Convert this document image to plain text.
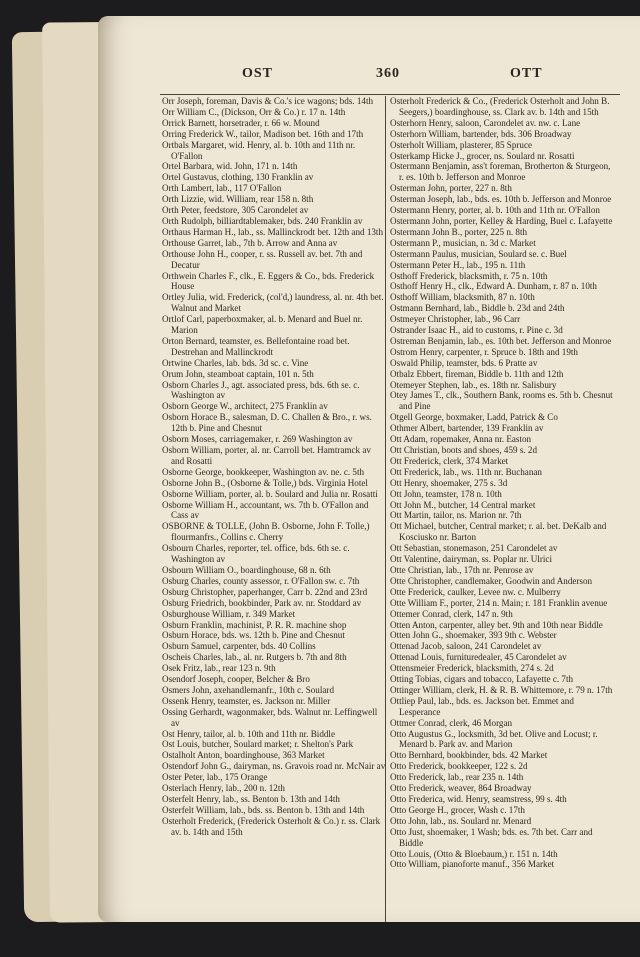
OST	360	OTT
Orr Joseph, foreman, Davis & Co.'s ice wagons; bds. 14th
Orr William C., (Dickson, Orr & Co.) r. 17 n. 14th
Orrick Barnett, horsetrader, r. 66 w. Mound
Orring Frederick W., tailor, Madison bet. 16th and 17th
Ortbals Margaret, wid. Henry, al. b. 10th and 11th nr. O'Fallon
Ortel Barbara, wid. John, 171 n. 14th
Ortel Gustavus, clothing, 130 Franklin av
Orth Lambert, lab., 117 O'Fallon
Orth Lizzie, wid. William, rear 158 n. 8th
Orth Peter, feedstore, 305 Carondelet av
Orth Rudolph, billiardtablemaker, bds. 240 Franklin av
Orthaus Harman H., lab., ss. Mallinckrodt bet. 12th and 13th
Orthouse Garret, lab., 7th b. Arrow and Anna av
Orthouse John H., cooper, r. ss. Russell av. bet. 7th and Decatur
Orthwein Charles F., clk., E. Eggers & Co., bds. Frederick House
Ortley Julia, wid. Frederick, (col'd,) laundress, al. nr. 4th bet. Walnut and Market
Ortlof Carl, paperboxmaker, al. b. Menard and Buel nr. Marion
Orton Bernard, teamster, es. Bellefontaine road bet. Destrehan and Mallinckrodt
Ortwine Charles, lab. bds. 3d sc. c. Vine
Orum John, steamboat captain, 101 n. 5th
Osborn Charles J., agt. associated press, bds. 6th se. c. Washington av
Osborn George W., architect, 275 Franklin av
Osborn Horace B., salesman, D. C. Challen & Bro., r. ws. 12th b. Pine and Chesnut
Osborn Moses, carriagemaker, r. 269 Washington av
Osborn William, porter, al. nr. Carroll bet. Hamtramck av and Rosatti
Osborne George, bookkeeper, Washington av. ne. c. 5th
Osborne John B., (Osborne & Tolle,) bds. Virginia Hotel
Osborne William, porter, al. b. Soulard and Julia nr. Rosatti
Osborne William H., accountant, ws. 7th b. O'Fallon and Cass av
OSBORNE & TOLLE, (John B. Osborne, John F. Tolle,) flourmanfrs., Collins c. Cherry
Osbourn Charles, reporter, tel. office, bds. 6th se. c. Washington av
Osbourn William O., boardinghouse, 68 n. 6th
Osburg Charles, county assessor, r. O'Fallon sw. c. 7th
Osburg Christopher, paperhanger, Carr b. 22nd and 23rd
Osburg Friedrich, bookbinder, Park av. nr. Stoddard av
Osburghouse William, r. 349 Market
Osburn Franklin, machinist, P. R. R. machine shop
Osburn Horace, bds. ws. 12th b. Pine and Chesnut
Osburn Samuel, carpenter, bds. 40 Collins
Oscheis Charles, lab., al. nr. Rutgers b. 7th and 8th
Osek Fritz, lab., rear 123 n. 9th
Osendorf Joseph, cooper, Belcher & Bro
Osmers John, axehandlemanfr., 10th c. Soulard
Ossenk Henry, teamster, es. Jackson nr. Miller
Ossing Gerhardt, wagonmaker, bds. Walnut nr. Leffingwell av
Ost Henry, tailor, al. b. 10th and 11th nr. Biddle
Ost Louis, butcher, Soulard market; r. Shelton's Park
Ostalholt Anton, boardinghouse, 363 Market
Ostendorf John G., dairyman, ns. Gravois road nr. McNair av
Oster Peter, lab., 175 Orange
Osterlach Henry, lab., 200 n. 12th
Osterfelt Henry, lab., ss. Benton b. 13th and 14th
Osterfelt William, lab., bds. ss. Benton b. 13th and 14th
Osterholt Frederick, (Frederick Osterholt & Co.) r. ss. Clark av. b. 14th and 15th
Osterholt Frederick & Co., (Frederick Osterholt and John B. Seegers,) boardinghouse, ss. Clark av. b. 14th and 15th
Osterhorn Henry, saloon, Carondelet av. nw. c. Lane
Osterhorn William, bartender, bds. 306 Broadway
Osterholt William, plasterer, 85 Spruce
Osterkamp Hicke J., grocer, ns. Soulard nr. Rosatti
Ostermann Benjamin, ass't foreman, Brotherton & Sturgeon, r. es. 10th b. Jefferson and Monroe
Osterman John, porter, 227 n. 8th
Osterman Joseph, lab., bds. es. 10th b. Jefferson and Monroe
Ostermann Henry, porter, al. b. 10th and 11th nr. O'Fallon
Ostermann John, porter, Kelley & Harding, Buel c. Lafayette
Ostermann John B., porter, 225 n. 8th
Ostermann P., musician, n. 3d c. Market
Ostermann Paulus, musician, Soulard se. c. Buel
Ostermann Peter H., lab., 195 n. 11th
Osthoff Frederick, blacksmith, r. 75 n. 10th
Osthoff Henry H., clk., Edward A. Dunham, r. 87 n. 10th
Osthoff William, blacksmith, 87 n. 10th
Ostmann Bernhard, lab., Biddle b. 23d and 24th
Ostmeyer Christopher, lab., 96 Carr
Ostrander Isaac H., aid to customs, r. Pine c. 3d
Ostreman Benjamin, lab., es. 10th bet. Jefferson and Monroe
Ostrom Henry, carpenter, r. Spruce b. 18th and 19th
Oswald Philip, teamster, bds. 6 Pratte av
Otbalz Ebbert, fireman, Biddle b. 11th and 12th
Otemeyer Stephen, lab., es. 18th nr. Salisbury
Otey James T., clk., Southern Bank, rooms es. 5th b. Chesnut and Pine
Otgell George, boxmaker, Ladd, Patrick & Co
Othmer Albert, bartender, 139 Franklin av
Ott Adam, ropemaker, Anna nr. Easton
Ott Christian, boots and shoes, 459 s. 2d
Ott Frederick, clerk, 374 Market
Ott Frederick, lab., ws. 11th nr. Buchanan
Ott Henry, shoemaker, 275 s. 3d
Ott John, teamster, 178 n. 10th
Ott John M., butcher, 14 Central market
Ott Martin, tailor, ns. Marion nr. 7th
Ott Michael, butcher, Central market; r. al. bet. DeKalb and Kosciusko nr. Barton
Ott Sebastian, stonemason, 251 Carondelet av
Ott Valentine, dairyman, ss. Poplar nr. Ulrici
Otte Christian, lab., 17th nr. Penrose av
Otte Christopher, candlemaker, Goodwin and Anderson
Otte Frederick, caulker, Levee nw. c. Mulberry
Otte William F., porter, 214 n. Main; r. 181 Franklin avenue
Ottemer Conrad, clerk, 147 n. 9th
Otten Anton, carpenter, alley bet. 9th and 10th near Biddle
Otten John G., shoemaker, 393 9th c. Webster
Ottenad Jacob, saloon, 241 Carondelet av
Ottenad Louis, furnituredealer, 45 Carondelet av
Ottensmeier Frederick, blacksmith, 274 s. 2d
Otting Tobias, cigars and tobacco, Lafayette c. 7th
Ottinger William, clerk, H. & R. B. Whittemore, r. 79 n. 17th
Ottliep Paul, lab., bds. es. Jackson bet. Emmet and Lesperance
Ottmer Conrad, clerk, 46 Morgan
Otto Augustus G., locksmith, 3d bet. Olive and Locust; r. Menard b. Park av. and Marion
Otto Bernhard, bookbinder, bds. 42 Market
Otto Frederick, bookkeeper, 122 s. 2d
Otto Frederick, lab., rear 235 n. 14th
Otto Frederick, weaver, 864 Broadway
Otto Frederica, wid. Henry, seamstress, 99 s. 4th
Otto George H., grocer, Wash c. 17th
Otto John, lab., ns. Soulard nr. Menard
Otto Just, shoemaker, 1 Wash; bds. es. 7th bet. Carr and Biddle
Otto Louis, (Otto & Bloebaum,) r. 151 n. 14th
Otto William, pianoforte manuf., 356 Market
